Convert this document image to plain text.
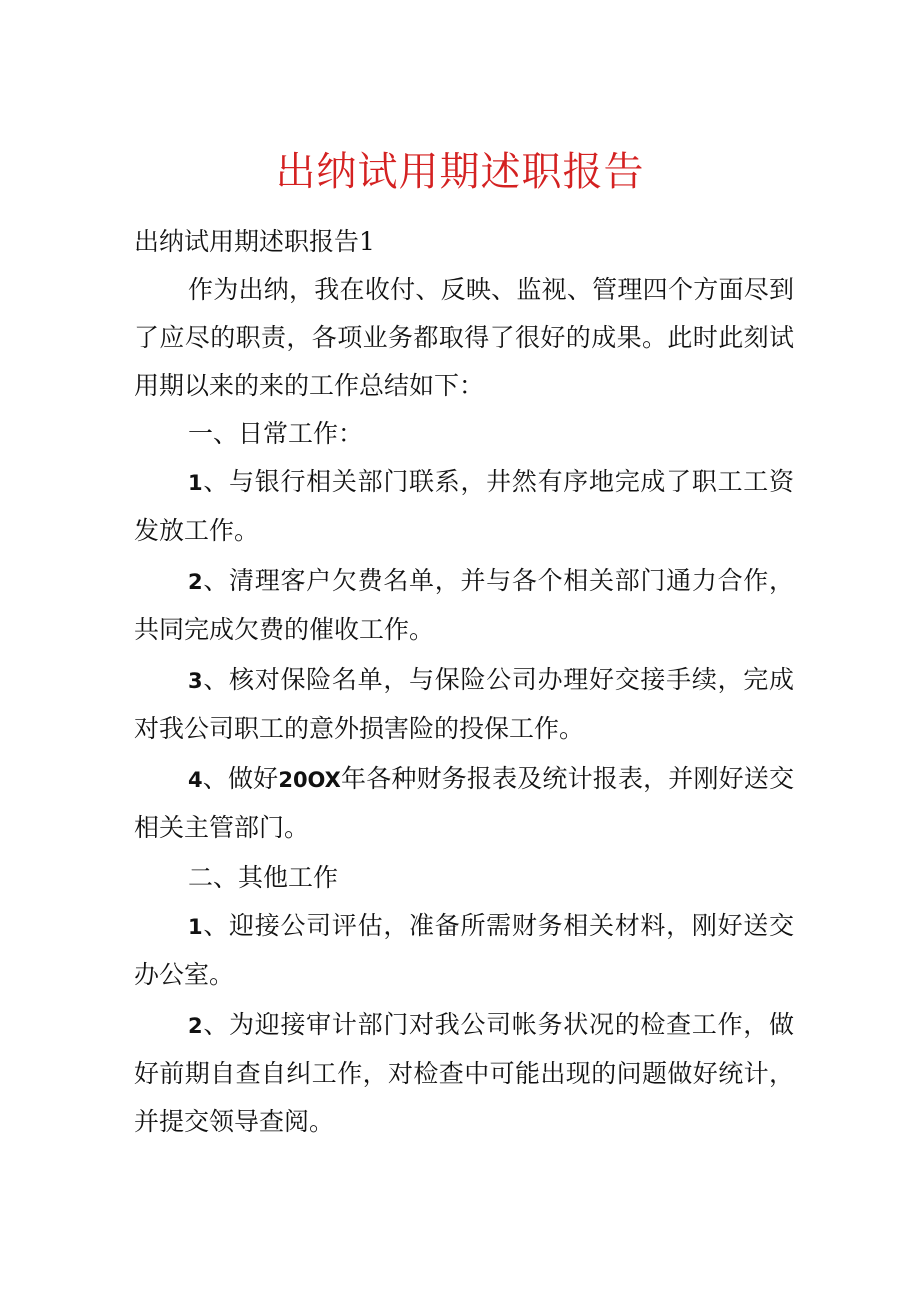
出纳试用期述职报告

出纳试用期述职报告1

作为出纳，我在收付、反映、监视、管理四个方面尽到了应尽的职责，各项业务都取得了很好的成果。此时此刻试用期以来的来的工作总结如下：

一、日常工作：

1、与银行相关部门联系，井然有序地完成了职工工资发放工作。

2、清理客户欠费名单，并与各个相关部门通力合作，共同完成欠费的催收工作。

3、核对保险名单，与保险公司办理好交接手续，完成对我公司职工的意外损害险的投保工作。

4、做好20OX年各种财务报表及统计报表，并刚好送交相关主管部门。

二、其他工作

1、迎接公司评估，准备所需财务相关材料，刚好送交办公室。

2、为迎接审计部门对我公司帐务状况的检查工作，做好前期自查自纠工作，对检查中可能出现的问题做好统计，并提交领导查阅。
